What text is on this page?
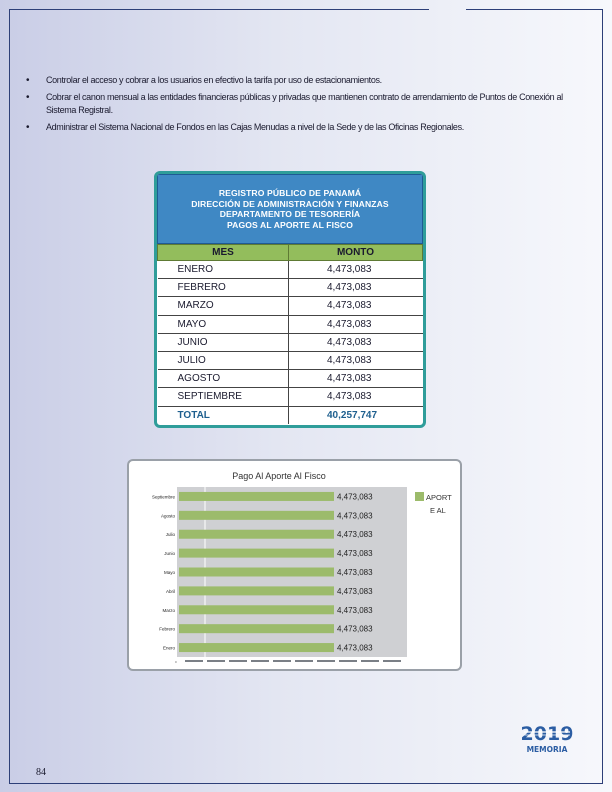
• Controlar el acceso y cobrar a los usuarios en efectivo la tarifa por uso de estacionamientos.
• Cobrar el canon mensual a las entidades financieras públicas y privadas que mantienen contrato de arrendamiento de Puntos de Conexión al Sistema Registral.
• Administrar el Sistema Nacional de Fondos en las Cajas Menudas a nivel de la Sede y de las Oficinas Regionales.
REGISTRO PÚBLICO DE PANAMÁ
DIRECCIÓN DE ADMINISTRACIÓN Y FINANZAS
DEPARTAMENTO DE TESORERÍA
PAGOS AL APORTE AL FISCO
MES	MONTO
ENERO	4,473,083
FEBRERO	4,473,083
MARZO	4,473,083
MAYO	4,473,083
JUNIO	4,473,083
JULIO	4,473,083
AGOSTO	4,473,083
SEPTIEMBRE	4,473,083
TOTAL	40,257,747
Pago Al Aporte Al Fisco
Septiembre	4,473,083
Agosto	4,473,083
Julio	4,473,083
Junio	4,473,083
Mayo	4,473,083
Abril	4,473,083
Marzo	4,473,083
Febrero	4,473,083
Enero	4,473,083
0
APORT
E AL
84
2019
MEMORIA
